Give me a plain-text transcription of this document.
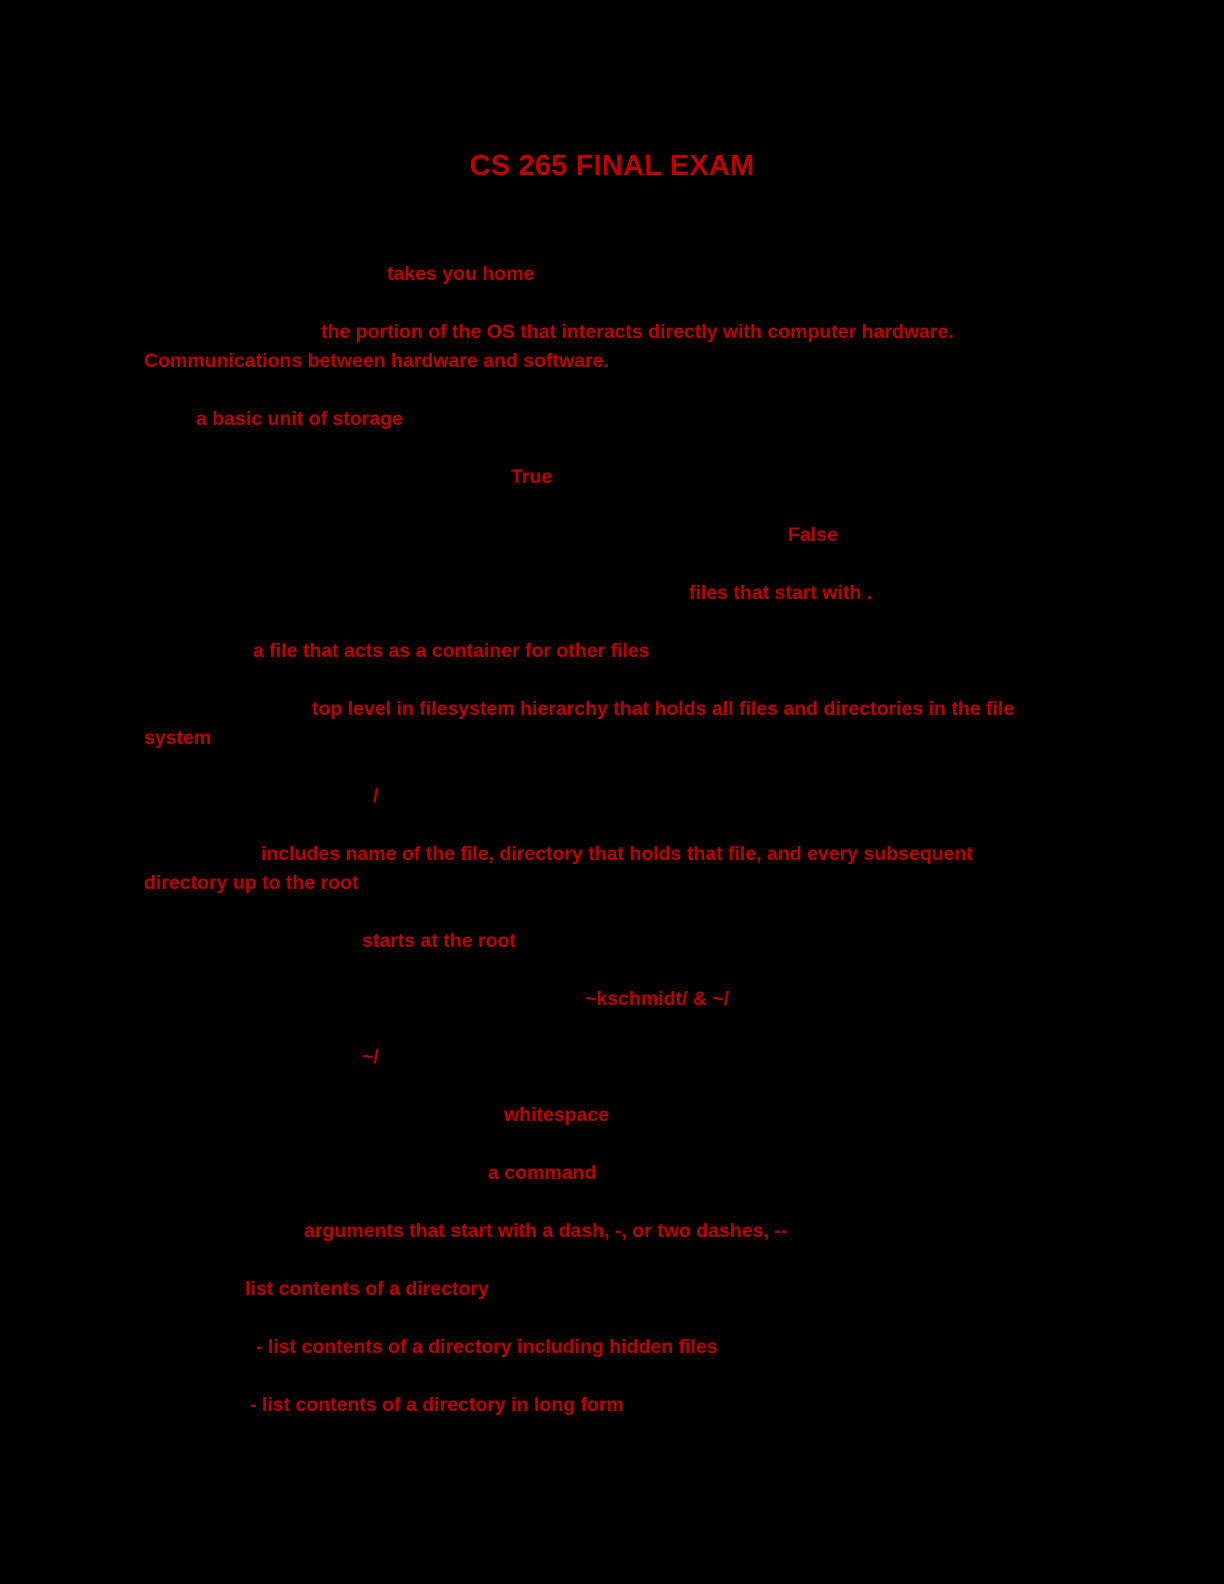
CS 265 FINAL EXAM
takes you home
the portion of the OS that interacts directly with computer hardware.
Communications between hardware and software.
a basic unit of storage
True
False
files that start with .
a file that acts as a container for other files
top level in filesystem hierarchy that holds all files and directories in the file
system
/
includes name of the file, directory that holds that file, and every subsequent
directory up to the root
starts at the root
~kschmidt/ & ~/
~/
whitespace
a command
arguments that start with a dash, -, or two dashes, --
list contents of a directory
- list contents of a directory including hidden files
- list contents of a directory in long form
